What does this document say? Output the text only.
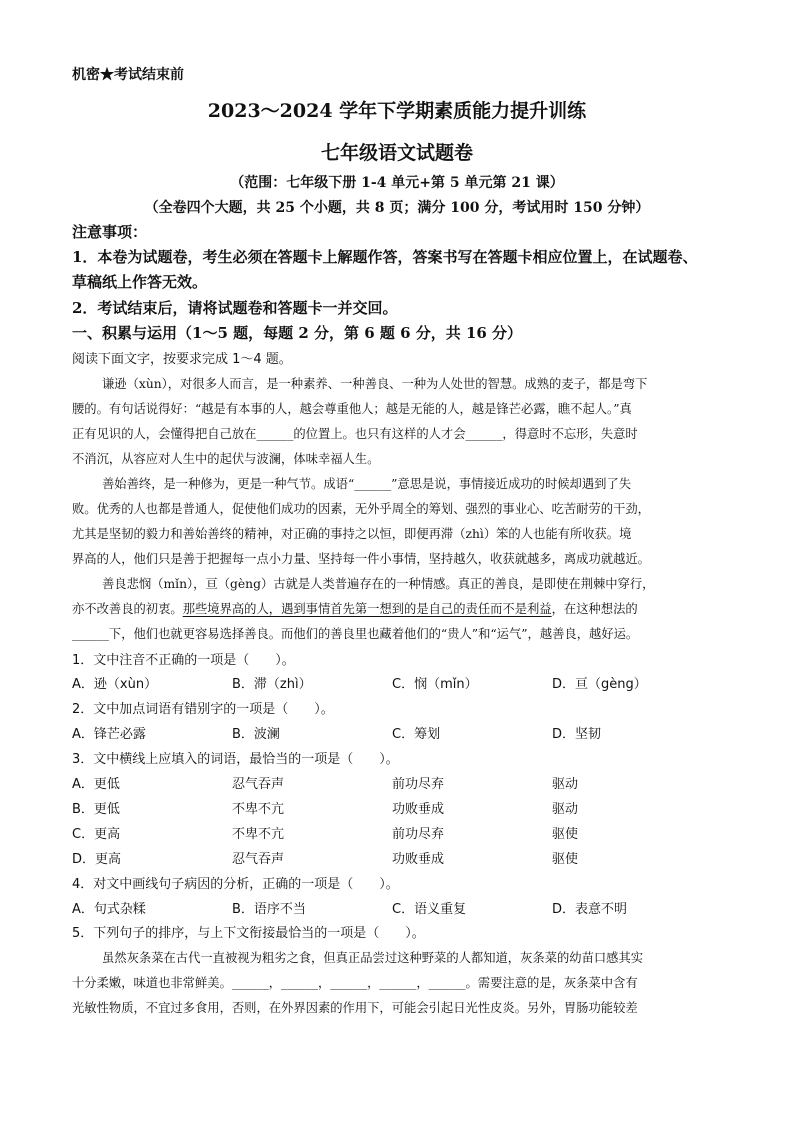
机密★考试结束前
2023～2024 学年下学期素质能力提升训练
七年级语文试题卷
（范围：七年级下册 1-4 单元+第 5 单元第 21 课）
（全卷四个大题，共 25 个小题，共 8 页；满分 100 分，考试用时 150 分钟）
注意事项：
1．本卷为试题卷，考生必须在答题卡上解题作答，答案书写在答题卡相应位置上，在试题卷、
草稿纸上作答无效。
2．考试结束后，请将试题卷和答题卡一并交回。
一、积累与运用（1～5 题，每题 2 分，第 6 题 6 分，共 16 分）
阅读下面文字，按要求完成 1～4 题。
谦逊（xùn），对很多人而言，是一种素养、一种善良、一种为人处世的智慧。成熟的麦子，都是弯下
腰的。有句话说得好：“越是有本事的人，越会尊重他人；越是无能的人，越是锋芒必露，瞧不起人。”真
正有见识的人，会懂得把自己放在______的位置上。也只有这样的人才会______，得意时不忘形，失意时
不消沉，从容应对人生中的起伏与波澜，体味幸福人生。
善始善终，是一种修为，更是一种气节。成语“______”意思是说，事情接近成功的时候却遇到了失
败。优秀的人也都是普通人，促使他们成功的因素，无外乎周全的筹划、强烈的事业心、吃苦耐劳的干劲，
尤其是坚韧的毅力和善始善终的精神，对正确的事持之以恒，即便再滞（zhì）笨的人也能有所收获。境
界高的人，他们只是善于把握每一点小力量、坚持每一件小事情，坚持越久，收获就越多，离成功就越近。
善良悲悯（mǐn），亘（gèng）古就是人类普遍存在的一种情感。真正的善良，是即使在荆棘中穿行，
亦不改善良的初衷。那些境界高的人，遇到事情首先第一想到的是自己的责任而不是利益，在这种想法的
______下，他们也就更容易选择善良。而他们的善良里也藏着他们的“贵人”和“运气”，越善良，越好运。
1．文中注音不正确的一项是（　　）。
A．逊（xùn）	B．滞（zhì）	C．悯（mǐn）	D．亘（gèng）
2．文中加点词语有错别字的一项是（　　）。
A．锋芒必露	B．波澜	C．筹划	D．坚韧
3．文中横线上应填入的词语，最恰当的一项是（　　）。
A．更低	忍气吞声	前功尽弃	驱动
B．更低	不卑不亢	功败垂成	驱动
C．更高	不卑不亢	前功尽弃	驱使
D．更高	忍气吞声	功败垂成	驱使
4．对文中画线句子病因的分析，正确的一项是（　　）。
A．句式杂糅	B．语序不当	C．语义重复	D．表意不明
5．下列句子的排序，与上下文衔接最恰当的一项是（　　）。
虽然灰条菜在古代一直被视为粗劣之食，但真正品尝过这种野菜的人都知道，灰条菜的幼苗口感其实
十分柔嫩，味道也非常鲜美。______，______，______，______，______。需要注意的是，灰条菜中含有
光敏性物质，不宜过多食用，否则，在外界因素的作用下，可能会引起日光性皮炎。另外，胃肠功能较差
